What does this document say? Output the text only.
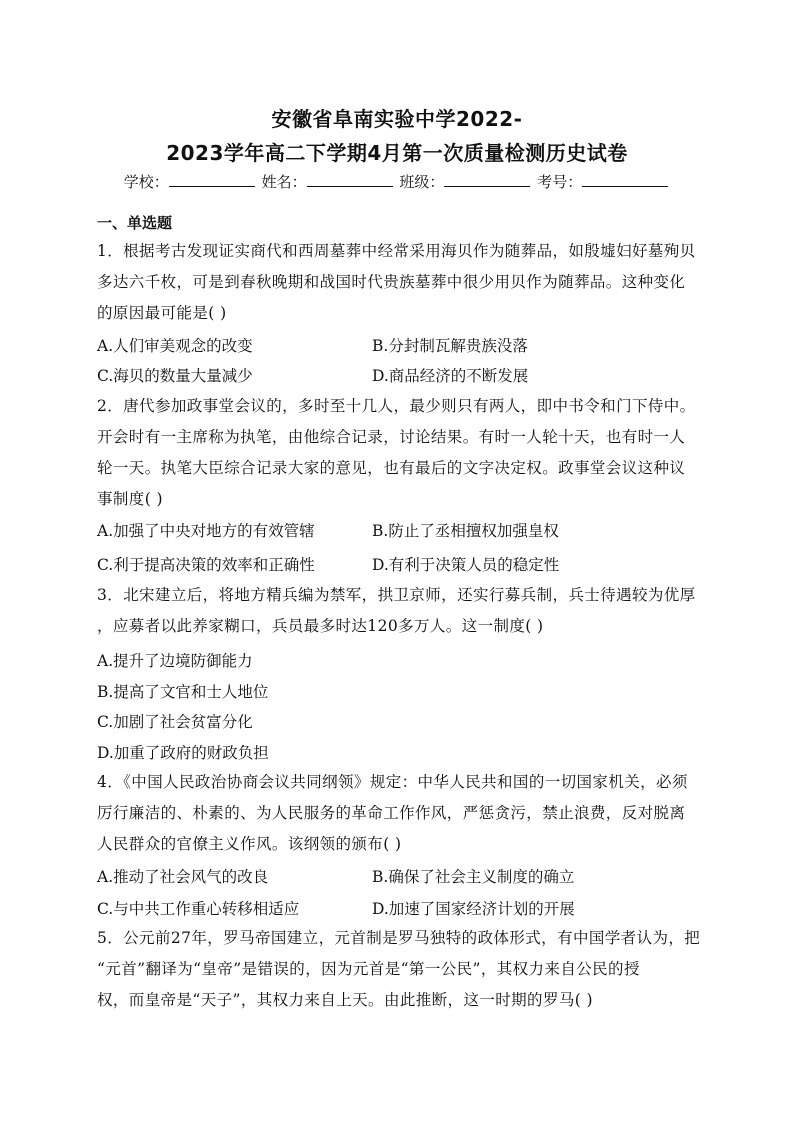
安徽省阜南实验中学2022-
2023学年高二下学期4月第一次质量检测历史试卷
学校：	姓名：	班级：	考号：
一、单选题
1．根据考古发现证实商代和西周墓葬中经常采用海贝作为随葬品，如殷墟妇好墓殉贝
多达六千枚，可是到春秋晚期和战国时代贵族墓葬中很少用贝作为随葬品。这种变化
的原因最可能是( )
A.人们审美观念的改变	B.分封制瓦解贵族没落
C.海贝的数量大量减少	D.商品经济的不断发展
2．唐代参加政事堂会议的，多时至十几人，最少则只有两人，即中书令和门下侍中。
开会时有一主席称为执笔，由他综合记录，讨论结果。有时一人轮十天，也有时一人
轮一天。执笔大臣综合记录大家的意见，也有最后的文字决定权。政事堂会议这种议
事制度( )
A.加强了中央对地方的有效管辖	B.防止了丞相擅权加强皇权
C.利于提高决策的效率和正确性	D.有利于决策人员的稳定性
3．北宋建立后，将地方精兵编为禁军，拱卫京师，还实行募兵制，兵士待遇较为优厚
，应募者以此养家糊口，兵员最多时达120多万人。这一制度( )
A.提升了边境防御能力
B.提高了文官和士人地位
C.加剧了社会贫富分化
D.加重了政府的财政负担
4．《中国人民政治协商会议共同纲领》规定：中华人民共和国的一切国家机关，必须
厉行廉洁的、朴素的、为人民服务的革命工作作风，严惩贪污，禁止浪费，反对脱离
人民群众的官僚主义作风。该纲领的颁布( )
A.推动了社会风气的改良	B.确保了社会主义制度的确立
C.与中共工作重心转移相适应	D.加速了国家经济计划的开展
5．公元前27年，罗马帝国建立，元首制是罗马独特的政体形式，有中国学者认为，把
“元首”翻译为“皇帝”是错误的，因为元首是“第一公民”，其权力来自公民的授
权，而皇帝是“天子”，其权力来自上天。由此推断，这一时期的罗马( )
